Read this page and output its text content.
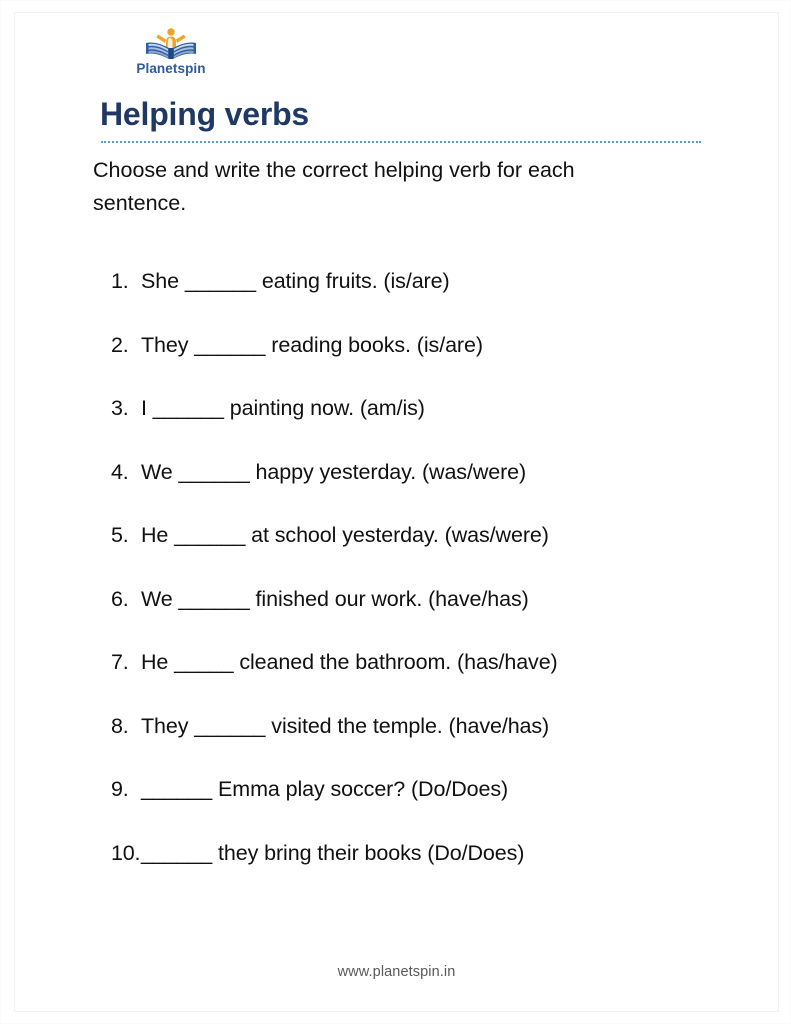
Planetspin
Helping verbs
Choose and write the correct helping verb for each sentence.
1. She ______ eating fruits. (is/are)
2. They ______ reading books. (is/are)
3. I ______ painting now. (am/is)
4. We ______ happy yesterday. (was/were)
5. He ______ at school yesterday. (was/were)
6. We ______ finished our work. (have/has)
7. He _____ cleaned the bathroom. (has/have)
8. They ______ visited the temple. (have/has)
9. ______ Emma play soccer? (Do/Does)
10. ______ they bring their books (Do/Does)
www.planetspin.in
